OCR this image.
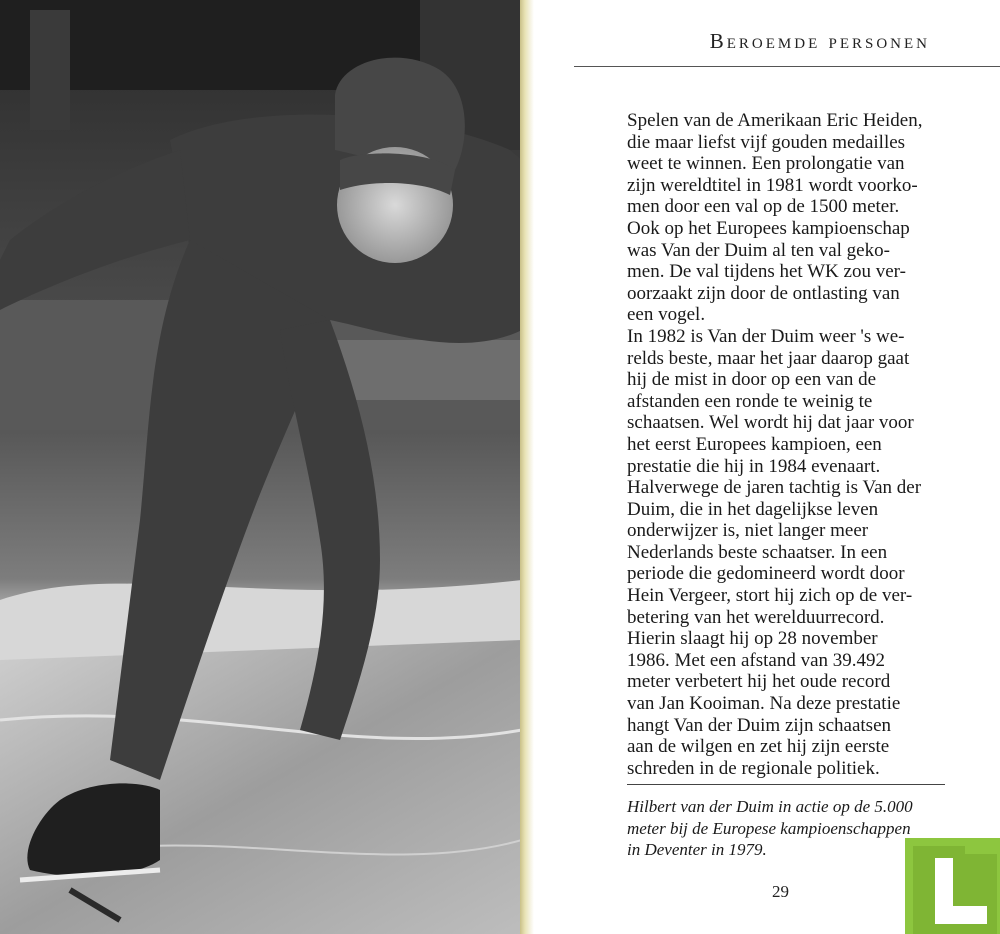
Beroemde personen
Spelen van de Amerikaan Eric Heiden,
die maar liefst vijf gouden medailles
weet te winnen. Een prolongatie van
zijn wereldtitel in 1981 wordt voorko-
men door een val op de 1500 meter.
Ook op het Europees kampioenschap
was Van der Duim al ten val geko-
men. De val tijdens het WK zou ver-
oorzaakt zijn door de ontlasting van
een vogel.
In 1982 is Van der Duim weer 's we-
relds beste, maar het jaar daarop gaat
hij de mist in door op een van de
afstanden een ronde te weinig te
schaatsen. Wel wordt hij dat jaar voor
het eerst Europees kampioen, een
prestatie die hij in 1984 evenaart.
Halverwege de jaren tachtig is Van der
Duim, die in het dagelijkse leven
onderwijzer is, niet langer meer
Nederlands beste schaatser. In een
periode die gedomineerd wordt door
Hein Vergeer, stort hij zich op de ver-
betering van het werelduurrecord.
Hierin slaagt hij op 28 november
1986. Met een afstand van 39.492
meter verbetert hij het oude record
van Jan Kooiman. Na deze prestatie
hangt Van der Duim zijn schaatsen
aan de wilgen en zet hij zijn eerste
schreden in de regionale politiek.
Hilbert van der Duim in actie op de 5.000
meter bij de Europese kampioenschappen
in Deventer in 1979.
29
